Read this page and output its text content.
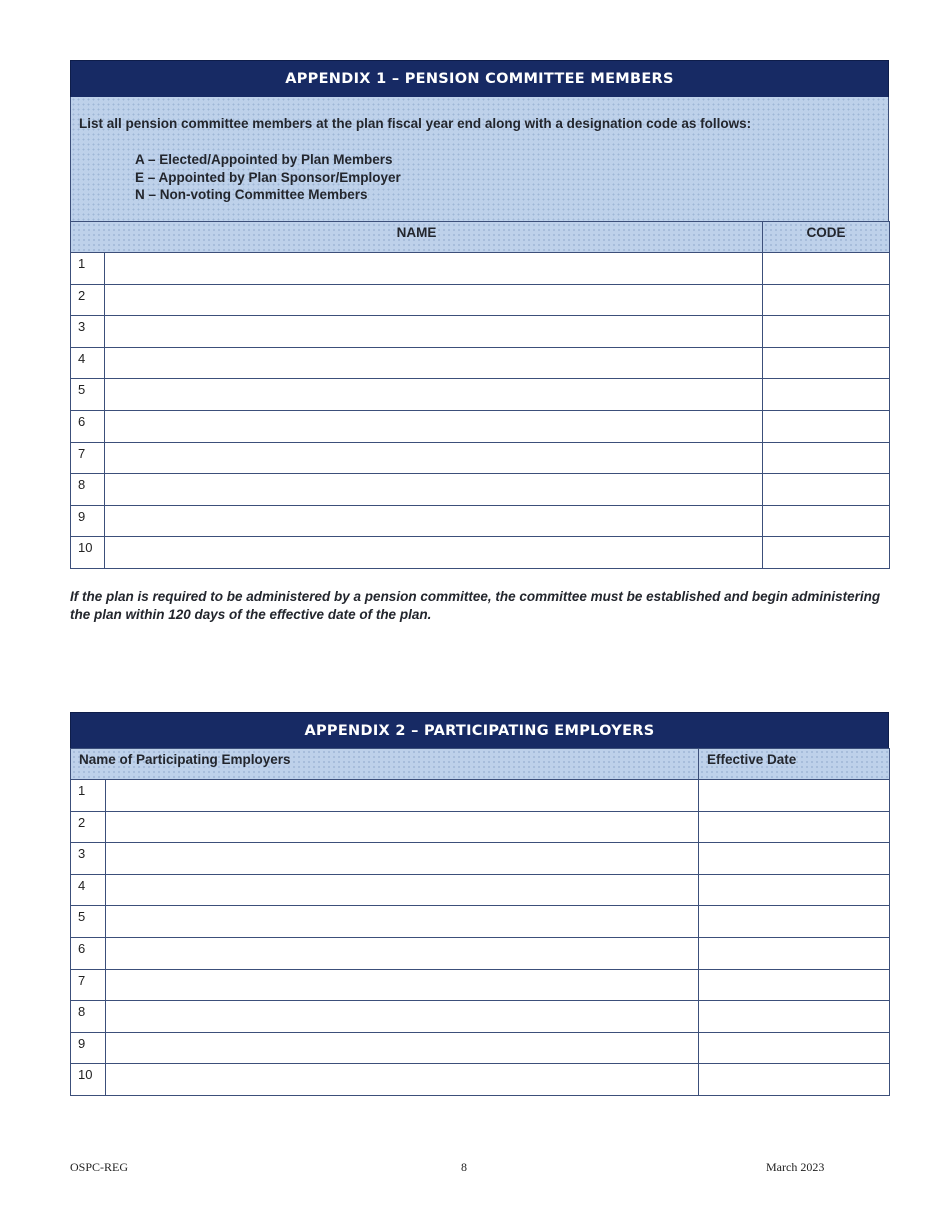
APPENDIX 1 – PENSION COMMITTEE MEMBERS
List all pension committee members at the plan fiscal year end along with a designation code as follows:
A – Elected/Appointed by Plan Members
E – Appointed by Plan Sponsor/Employer
N – Non-voting Committee Members
NAME		CODE
1		
2		
3		
4		
5		
6		
7		
8		
9		
10		
If the plan is required to be administered by a pension committee, the committee must be established and begin administering the plan within 120 days of the effective date of the plan.
APPENDIX 2 – PARTICIPATING EMPLOYERS
Name of Participating Employers		Effective Date
1		
2		
3		
4		
5		
6		
7		
8		
9		
10		
OSPC-REG	8	March 2023
